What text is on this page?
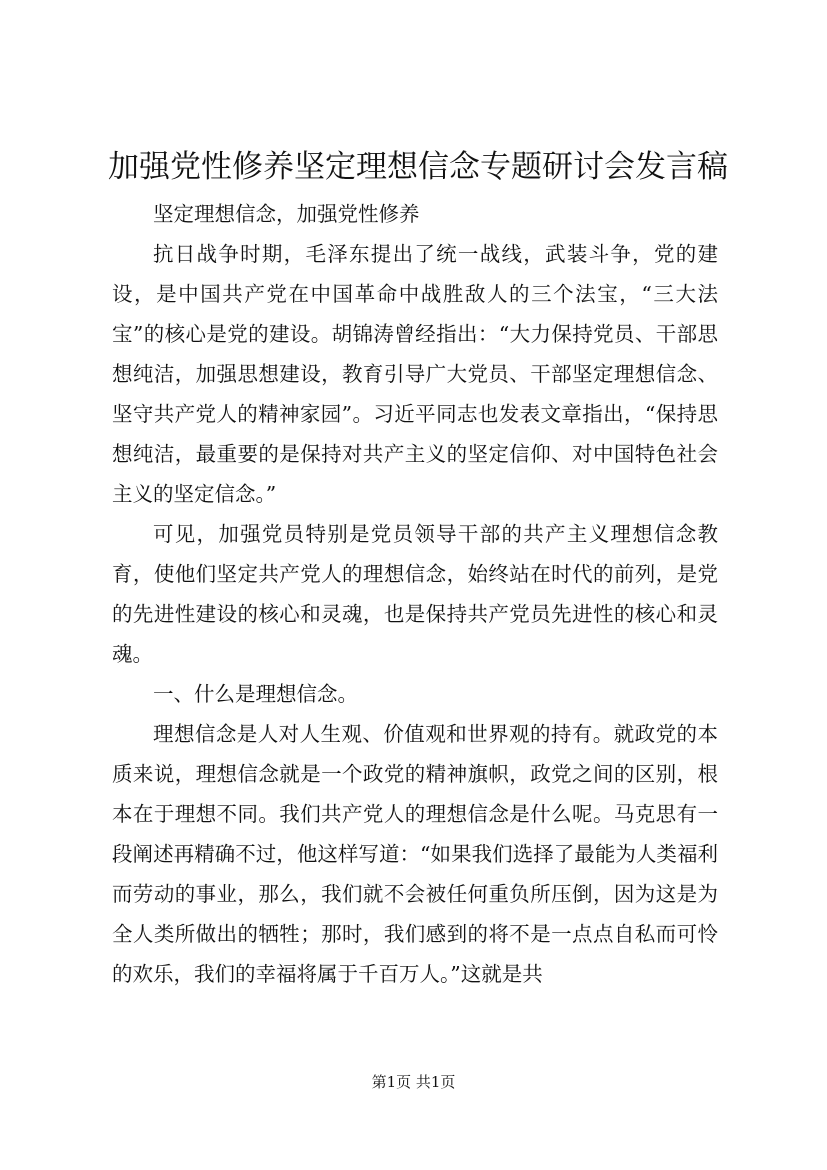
加强党性修养坚定理想信念专题研讨会发言稿

坚定理想信念，加强党性修养

抗日战争时期，毛泽东提出了统一战线，武装斗争，党的建设，是中国共产党在中国革命中战胜敌人的三个法宝，“三大法宝”的核心是党的建设。胡锦涛曾经指出：“大力保持党员、干部思想纯洁，加强思想建设，教育引导广大党员、干部坚定理想信念、坚守共产党人的精神家园”。习近平同志也发表文章指出，“保持思想纯洁，最重要的是保持对共产主义的坚定信仰、对中国特色社会主义的坚定信念。”

可见，加强党员特别是党员领导干部的共产主义理想信念教育，使他们坚定共产党人的理想信念，始终站在时代的前列，是党的先进性建设的核心和灵魂，也是保持共产党员先进性的核心和灵魂。

一、什么是理想信念。

理想信念是人对人生观、价值观和世界观的持有。就政党的本质来说，理想信念就是一个政党的精神旗帜，政党之间的区别，根本在于理想不同。我们共产党人的理想信念是什么呢。马克思有一段阐述再精确不过，他这样写道：“如果我们选择了最能为人类福利而劳动的事业，那么，我们就不会被任何重负所压倒，因为这是为全人类所做出的牺牲；那时，我们感到的将不是一点点自私而可怜的欢乐，我们的幸福将属于千百万人。”这就是共

第1页 共1页
